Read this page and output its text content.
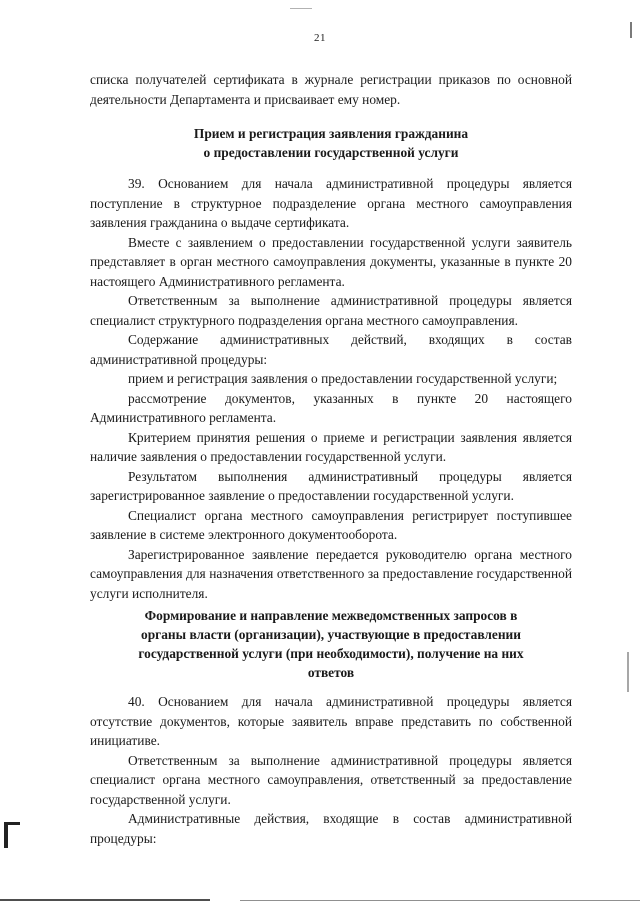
21

списка получателей сертификата в журнале регистрации приказов по основной деятельности Департамента и присваивает ему номер.

Прием и регистрация заявления гражданина

о предоставлении государственной услуги

39. Основанием для начала административной процедуры является поступление в структурное подразделение органа местного самоуправления заявления гражданина о выдаче сертификата.

Вместе с заявлением о предоставлении государственной услуги заявитель представляет в орган местного самоуправления документы, указанные в пункте 20 настоящего Административного регламента.

Ответственным за выполнение административной процедуры является специалист структурного подразделения органа местного самоуправления.

Содержание административных действий, входящих в состав административной процедуры:

прием и регистрация заявления о предоставлении государственной услуги;

рассмотрение документов, указанных в пункте 20 настоящего Административного регламента.

Критерием принятия решения о приеме и регистрации заявления является наличие заявления о предоставлении государственной услуги.

Результатом выполнения административный процедуры является зарегистрированное заявление о предоставлении государственной услуги.

Специалист органа местного самоуправления регистрирует поступившее заявление в системе электронного документооборота.

Зарегистрированное заявление передается руководителю органа местного самоуправления для назначения ответственного за предоставление государственной услуги исполнителя.

Формирование и направление межведомственных запросов в

органы власти (организации), участвующие в предоставлении

государственной услуги (при необходимости), получение на них

ответов

40. Основанием для начала административной процедуры является отсутствие документов, которые заявитель вправе представить по собственной инициативе.

Ответственным за выполнение административной процедуры является специалист органа местного самоуправления, ответственный за предоставление государственной услуги.

Административные действия, входящие в состав административной процедуры:
